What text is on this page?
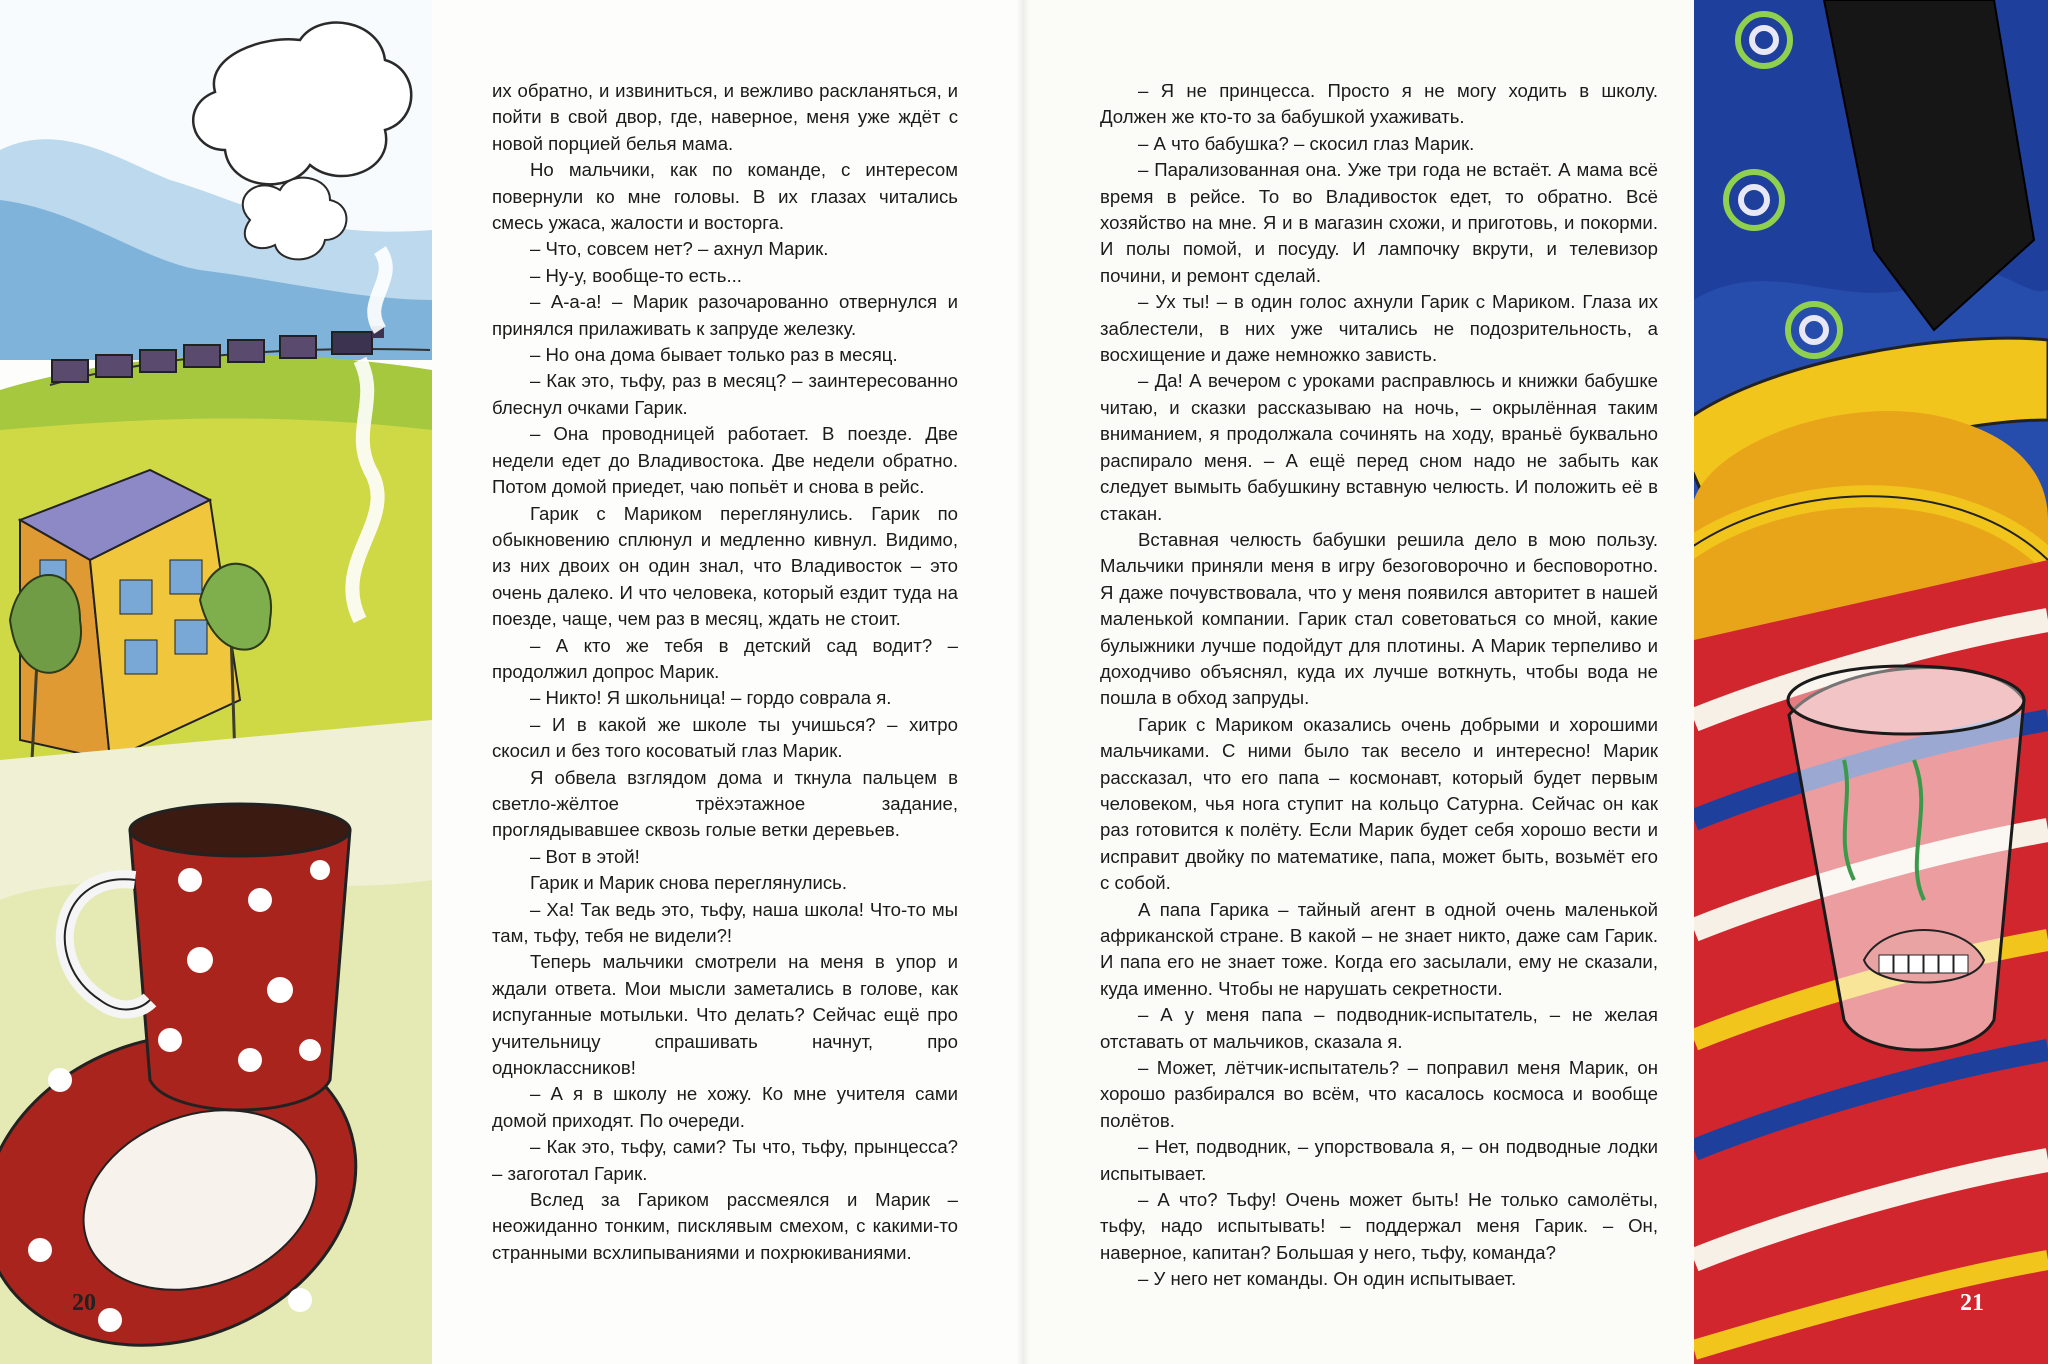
их обратно, и извиниться, и вежливо раскланяться, и пойти в свой двор, где, наверное, меня уже ждёт с новой порцией белья мама.

Но мальчики, как по команде, с интересом повернули ко мне головы. В их глазах читались смесь ужаса, жалости и восторга.

– Что, совсем нет? – ахнул Марик.

– Ну-у, вообще-то есть...

– А-а-а! – Марик разочарованно отвернулся и принялся прилаживать к запруде железку.

– Но она дома бывает только раз в месяц.

– Как это, тьфу, раз в месяц? – заинтересованно блеснул очками Гарик.

– Она проводницей работает. В поезде. Две недели едет до Владивостока. Две недели обратно. Потом домой приедет, чаю попьёт и снова в рейс.

Гарик с Мариком переглянулись. Гарик по обыкновению сплюнул и медленно кивнул. Видимо, из них двоих он один знал, что Владивосток – это очень далеко. И что человека, который ездит туда на поезде, чаще, чем раз в месяц, ждать не стоит.

– А кто же тебя в детский сад водит? – продолжил допрос Марик.

– Никто! Я школьница! – гордо соврала я.

– И в какой же школе ты учишься? – хитро скосил и без того косоватый глаз Марик.

Я обвела взглядом дома и ткнула пальцем в светло-жёлтое трёхэтажное задание, проглядывавшее сквозь голые ветки деревьев.

– Вот в этой!

Гарик и Марик снова переглянулись.

– Ха! Так ведь это, тьфу, наша школа! Что-то мы там, тьфу, тебя не видели?!

Теперь мальчики смотрели на меня в упор и ждали ответа. Мои мысли заметались в голове, как испуганные мотыльки. Что делать? Сейчас ещё про учительницу спрашивать начнут, про одноклассников!

– А я в школу не хожу. Ко мне учителя сами домой приходят. По очереди.

– Как это, тьфу, сами? Ты что, тьфу, прынцесса? – загоготал Гарик.

Вслед за Гариком рассмеялся и Марик – неожиданно тонким, писклявым смехом, с какими-то странными всхлипываниями и похрюкиваниями.

20

– Я не принцесса. Просто я не могу ходить в школу. Должен же кто-то за бабушкой ухаживать.

– А что бабушка? – скосил глаз Марик.

– Парализованная она. Уже три года не встаёт. А мама всё время в рейсе. То во Владивосток едет, то обратно. Всё хозяйство на мне. Я и в магазин схожи, и приготовь, и покорми. И полы помой, и посуду. И лампочку вкрути, и телевизор почини, и ремонт сделай.

– Ух ты! – в один голос ахнули Гарик с Мариком. Глаза их заблестели, в них уже читались не подозрительность, а восхищение и даже немножко зависть.

– Да! А вечером с уроками расправлюсь и книжки бабушке читаю, и сказки рассказываю на ночь, – окрылённая таким вниманием, я продолжала сочинять на ходу, враньё буквально распирало меня. – А ещё перед сном надо не забыть как следует вымыть бабушкину вставную челюсть. И положить её в стакан.

Вставная челюсть бабушки решила дело в мою пользу. Мальчики приняли меня в игру безоговорочно и бесповоротно. Я даже почувствовала, что у меня появился авторитет в нашей маленькой компании. Гарик стал советоваться со мной, какие булыжники лучше подойдут для плотины. А Марик терпеливо и доходчиво объяснял, куда их лучше воткнуть, чтобы вода не пошла в обход запруды.

Гарик с Мариком оказались очень добрыми и хорошими мальчиками. С ними было так весело и интересно! Марик рассказал, что его папа – космонавт, который будет первым человеком, чья нога ступит на кольцо Сатурна. Сейчас он как раз готовится к полёту. Если Марик будет себя хорошо вести и исправит двойку по математике, папа, может быть, возьмёт его с собой.

А папа Гарика – тайный агент в одной очень маленькой африканской стране. В какой – не знает никто, даже сам Гарик. И папа его не знает тоже. Когда его засылали, ему не сказали, куда именно. Чтобы не нарушать секретности.

– А у меня папа – подводник-испытатель, – не желая отставать от мальчиков, сказала я.

– Может, лётчик-испытатель? – поправил меня Марик, он хорошо разбирался во всём, что касалось космоса и вообще полётов.

– Нет, подводник, – упорствовала я, – он подводные лодки испытывает.

– А что? Тьфу! Очень может быть! Не только самолёты, тьфу, надо испытывать! – поддержал меня Гарик. – Он, наверное, капитан? Большая у него, тьфу, команда?

– У него нет команды. Он один испытывает.

21
